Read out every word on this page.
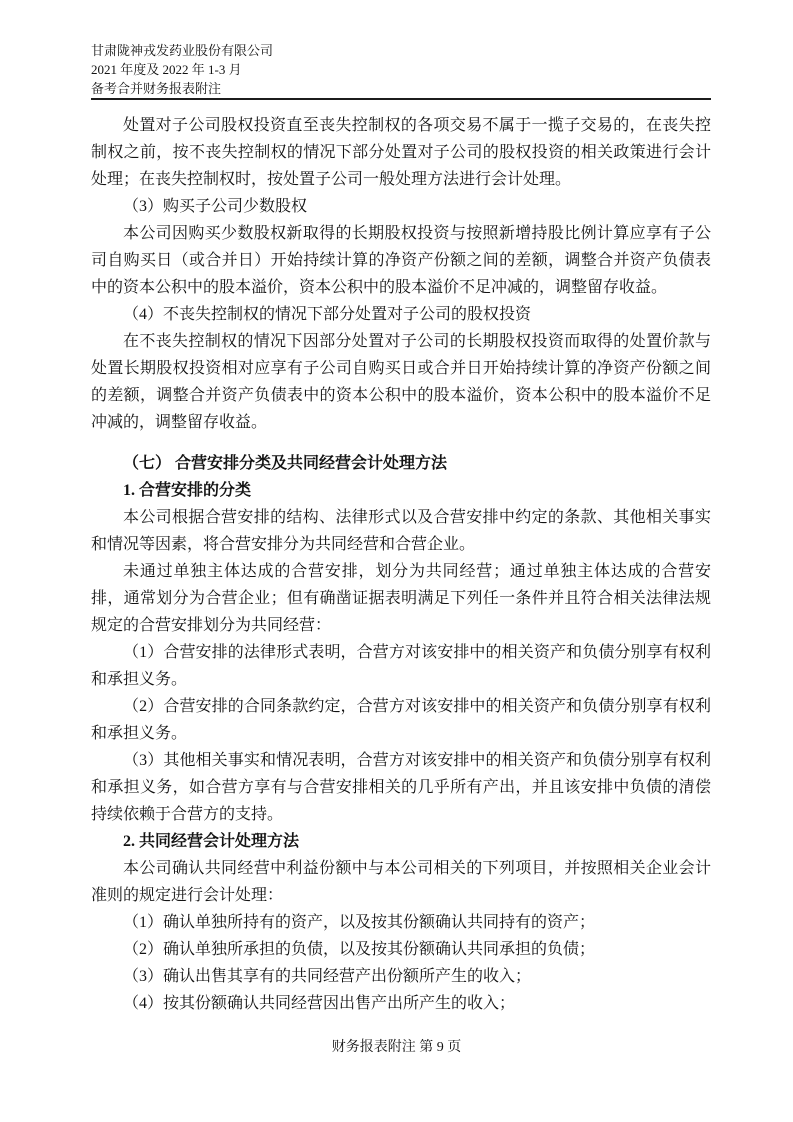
甘肃陇神戎发药业股份有限公司
2021 年度及 2022 年 1-3 月
备考合并财务报表附注

处置对子公司股权投资直至丧失控制权的各项交易不属于一揽子交易的，在丧失控制权之前，按不丧失控制权的情况下部分处置对子公司的股权投资的相关政策进行会计处理；在丧失控制权时，按处置子公司一般处理方法进行会计处理。

（3）购买子公司少数股权

本公司因购买少数股权新取得的长期股权投资与按照新增持股比例计算应享有子公司自购买日（或合并日）开始持续计算的净资产份额之间的差额，调整合并资产负债表中的资本公积中的股本溢价，资本公积中的股本溢价不足冲减的，调整留存收益。

（4）不丧失控制权的情况下部分处置对子公司的股权投资

在不丧失控制权的情况下因部分处置对子公司的长期股权投资而取得的处置价款与处置长期股权投资相对应享有子公司自购买日或合并日开始持续计算的净资产份额之间的差额，调整合并资产负债表中的资本公积中的股本溢价，资本公积中的股本溢价不足冲减的，调整留存收益。

（七） 合营安排分类及共同经营会计处理方法

1. 合营安排的分类

本公司根据合营安排的结构、法律形式以及合营安排中约定的条款、其他相关事实和情况等因素，将合营安排分为共同经营和合营企业。

未通过单独主体达成的合营安排，划分为共同经营；通过单独主体达成的合营安排，通常划分为合营企业；但有确凿证据表明满足下列任一条件并且符合相关法律法规规定的合营安排划分为共同经营：

（1）合营安排的法律形式表明，合营方对该安排中的相关资产和负债分别享有权利和承担义务。

（2）合营安排的合同条款约定，合营方对该安排中的相关资产和负债分别享有权利和承担义务。

（3）其他相关事实和情况表明，合营方对该安排中的相关资产和负债分别享有权利和承担义务，如合营方享有与合营安排相关的几乎所有产出，并且该安排中负债的清偿持续依赖于合营方的支持。

2. 共同经营会计处理方法

本公司确认共同经营中利益份额中与本公司相关的下列项目，并按照相关企业会计准则的规定进行会计处理：

（1）确认单独所持有的资产，以及按其份额确认共同持有的资产；

（2）确认单独所承担的负债，以及按其份额确认共同承担的负债；

（3）确认出售其享有的共同经营产出份额所产生的收入；

（4）按其份额确认共同经营因出售产出所产生的收入；

财务报表附注 第 9 页
